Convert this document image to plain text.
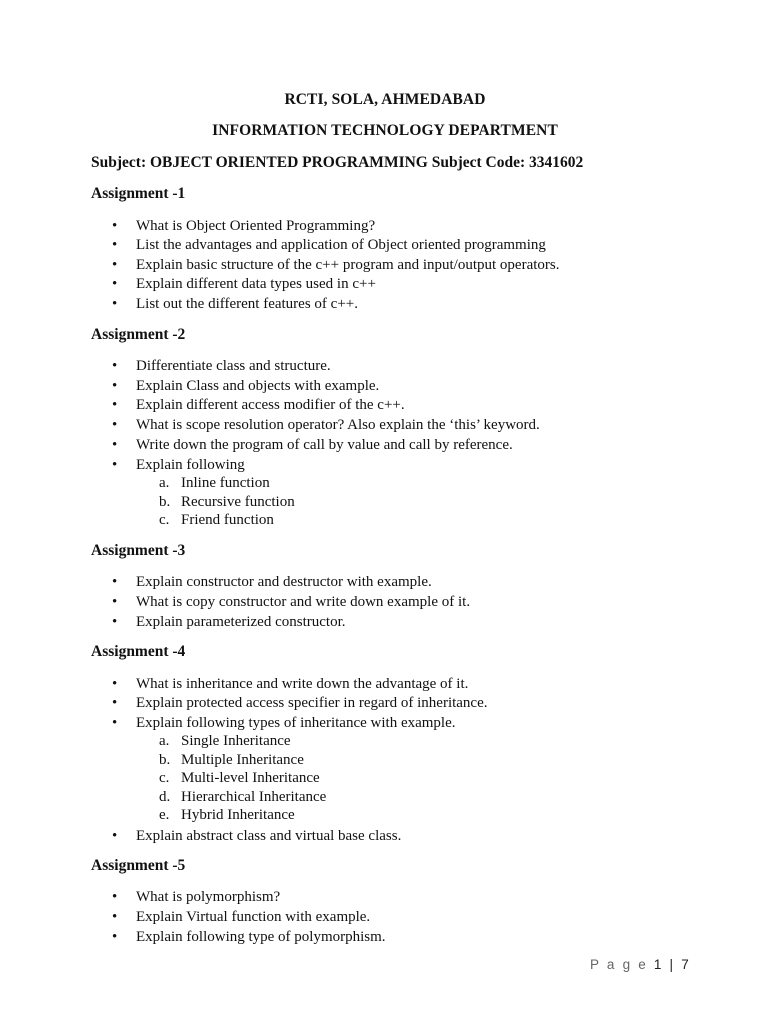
RCTI, SOLA, AHMEDABAD
INFORMATION TECHNOLOGY DEPARTMENT
Subject: OBJECT ORIENTED PROGRAMMING Subject Code: 3341602
Assignment -1
• What is Object Oriented Programming?
• List the advantages and application of Object oriented programming
• Explain basic structure of the c++ program and input/output operators.
• Explain different data types used in c++
• List out the different features of c++.
Assignment -2
• Differentiate class and structure.
• Explain Class and objects with example.
• Explain different access modifier of the c++.
• What is scope resolution operator? Also explain the ‘this’ keyword.
• Write down the program of call by value and call by reference.
• Explain following
a. Inline function
b. Recursive function
c. Friend function
Assignment -3
• Explain constructor and destructor with example.
• What is copy constructor and write down example of it.
• Explain parameterized constructor.
Assignment -4
• What is inheritance and write down the advantage of it.
• Explain protected access specifier in regard of inheritance.
• Explain following types of inheritance with example.
a. Single Inheritance
b. Multiple Inheritance
c. Multi-level Inheritance
d. Hierarchical Inheritance
e. Hybrid Inheritance
• Explain abstract class and virtual base class.
Assignment -5
• What is polymorphism?
• Explain Virtual function with example.
• Explain following type of polymorphism.
P a g e 1 | 7
